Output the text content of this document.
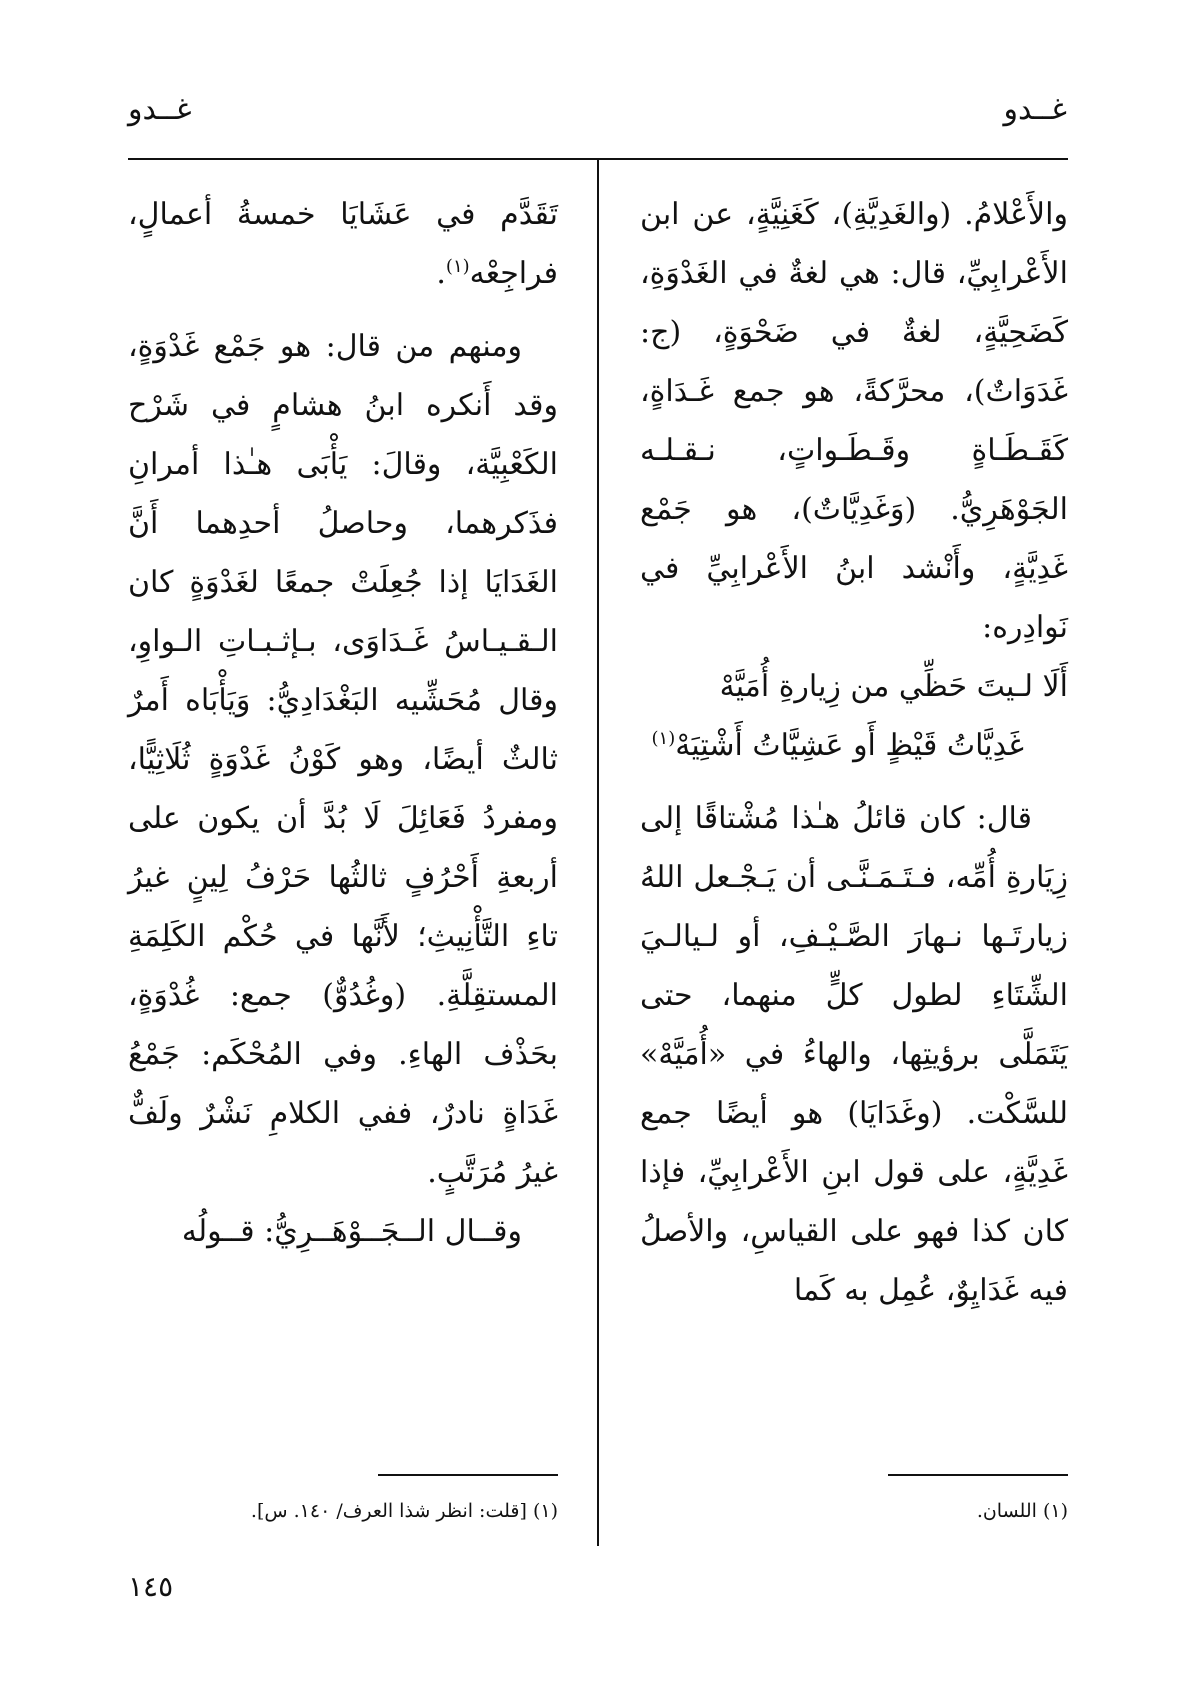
غــدو
غــدو

والأَعْلامُ. (والغَدِيَّةِ)، كَغَنِيَّةٍ، عن ابن الأَعْرابِيِّ، قال: هي لغةٌ في الغَدْوَةِ، كَضَحِيَّةٍ، لغةٌ في ضَحْوَةٍ، (ج: غَدَوَاتٌ)، محرَّكةً، هو جمع غَـدَاةٍ، كَقَـطَـاةٍ وقَـطَـواتٍ، نـقـلـه الجَوْهَرِيُّ. (وَغَدِيَّاتٌ)، هو جَمْع غَدِيَّةٍ، وأَنْشد ابنُ الأَعْرابِيِّ في نَوادِره:

أَلَا لـيتَ حَظِّي من زِيارةِ أُمَيَّهْ

غَدِيَّاتُ قَيْظٍ أَو عَشِيَّاتُ أَشْتِيَهْ$^{(١)}$

قال: كان قائلُ هـٰذا مُشْتاقًا إلى زِيَارةِ أُمِّه، فـتَـمَـنَّـى أن يَـجْـعل اللهُ زيارتَـها نـهارَ الصَّـيْـفِ، أو لـيالـيَ الشِّتَاءِ لطول كلٍّ منهما، حتى يَتَمَلَّى برؤيتِها، والهاءُ في «أُمَيَّهْ» للسَّكْت. (وغَدَايَا) هو أيضًا جمع غَدِيَّةٍ، على قول ابنِ الأَعْرابِيِّ، فإذا كان كذا فهو على القياسِ، والأصلُ فيه غَدَايِوٌ، عُمِل به كَما

تَقَدَّم في عَشَايَا خمسةُ أعمالٍ، فراجِعْه$^{(١)}$.

ومنهم من قال: هو جَمْع غَدْوَةٍ، وقد أَنكره ابنُ هشامٍ في شَرْح الكَعْبِيَّة، وقالَ: يَأْبَى هـٰذا أمرانِ فذَكرهما، وحاصلُ أحدِهما أَنَّ الغَدَايَا إذا جُعِلَتْ جمعًا لغَدْوَةٍ كان الـقـيـاسُ غَـدَاوَى، بـإثـبـاتِ الـواوِ، وقال مُحَشِّيه البَغْدَادِيُّ: وَيَأْبَاه أَمرٌ ثالثٌ أيضًا، وهو كَوْنُ غَدْوَةٍ ثُلَاثِيًّا، ومفردُ فَعَائِلَ لَا بُدَّ أن يكون على أربعةِ أَحْرُفٍ ثالثُها حَرْفُ لِينٍ غيرُ تاءِ التَّأْنِيثِ؛ لأَنَّها في حُكْم الكَلِمَةِ المستقِلَّةِ. (وغُدُوٌّ) جمع: غُدْوَةٍ، بحَذْف الهاءِ. وفي المُحْكَم: جَمْعُ غَدَاةٍ نادرٌ، ففي الكلامِ نَشْرٌ ولَفٌّ غيرُ مُرَتَّبٍ.

وقــال الــجَــوْهَــرِيُّ: قــولُه

(١) اللسان.
(١) [قلت: انظر شذا العرف/ ١٤٠. س].
١٤٥
